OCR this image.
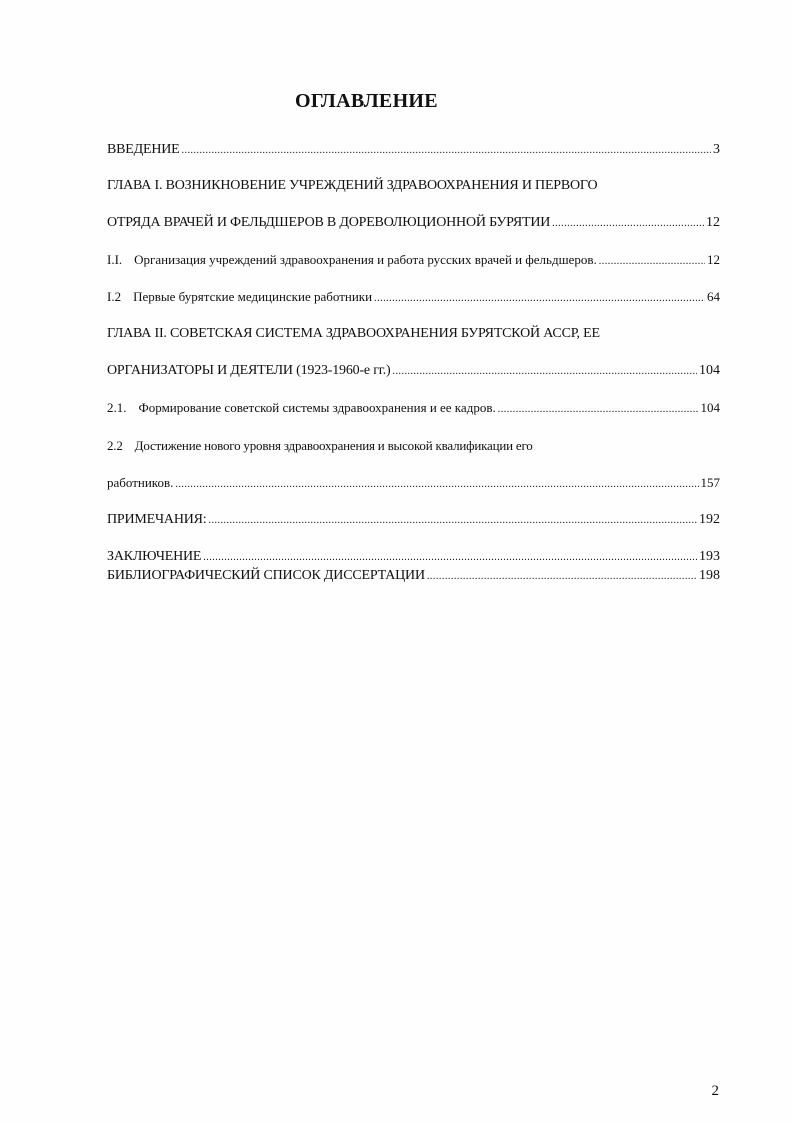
ОГЛАВЛЕНИЕ
ВВЕДЕНИЕ .....	3
ГЛАВА I. ВОЗНИКНОВЕНИЕ УЧРЕЖДЕНИЙ ЗДРАВООХРАНЕНИЯ И ПЕРВОГО
ОТРЯДА ВРАЧЕЙ И ФЕЛЬДШЕРОВ В ДОРЕВОЛЮЦИОННОЙ БУРЯТИИ .....	12
I.I. Организация учреждений здравоохранения и работа русских врачей и фельдшеров. .....	12
I.2 Первые бурятские медицинские работники .....	64
ГЛАВА II. СОВЕТСКАЯ СИСТЕМА ЗДРАВООХРАНЕНИЯ БУРЯТСКОЙ АССР, ЕЕ
ОРГАНИЗАТОРЫ И ДЕЯТЕЛИ (1923-1960-е гг.) .....	104
2.1. Формирование советской системы здравоохранения и ее кадров. .....	104
2.2 Достижение нового уровня здравоохранения и высокой квалификации его
работников. .....	157
ПРИМЕЧАНИЯ: .....	192
ЗАКЛЮЧЕНИЕ .....	193
БИБЛИОГРАФИЧЕСКИЙ СПИСОК ДИССЕРТАЦИИ .....	198
2
